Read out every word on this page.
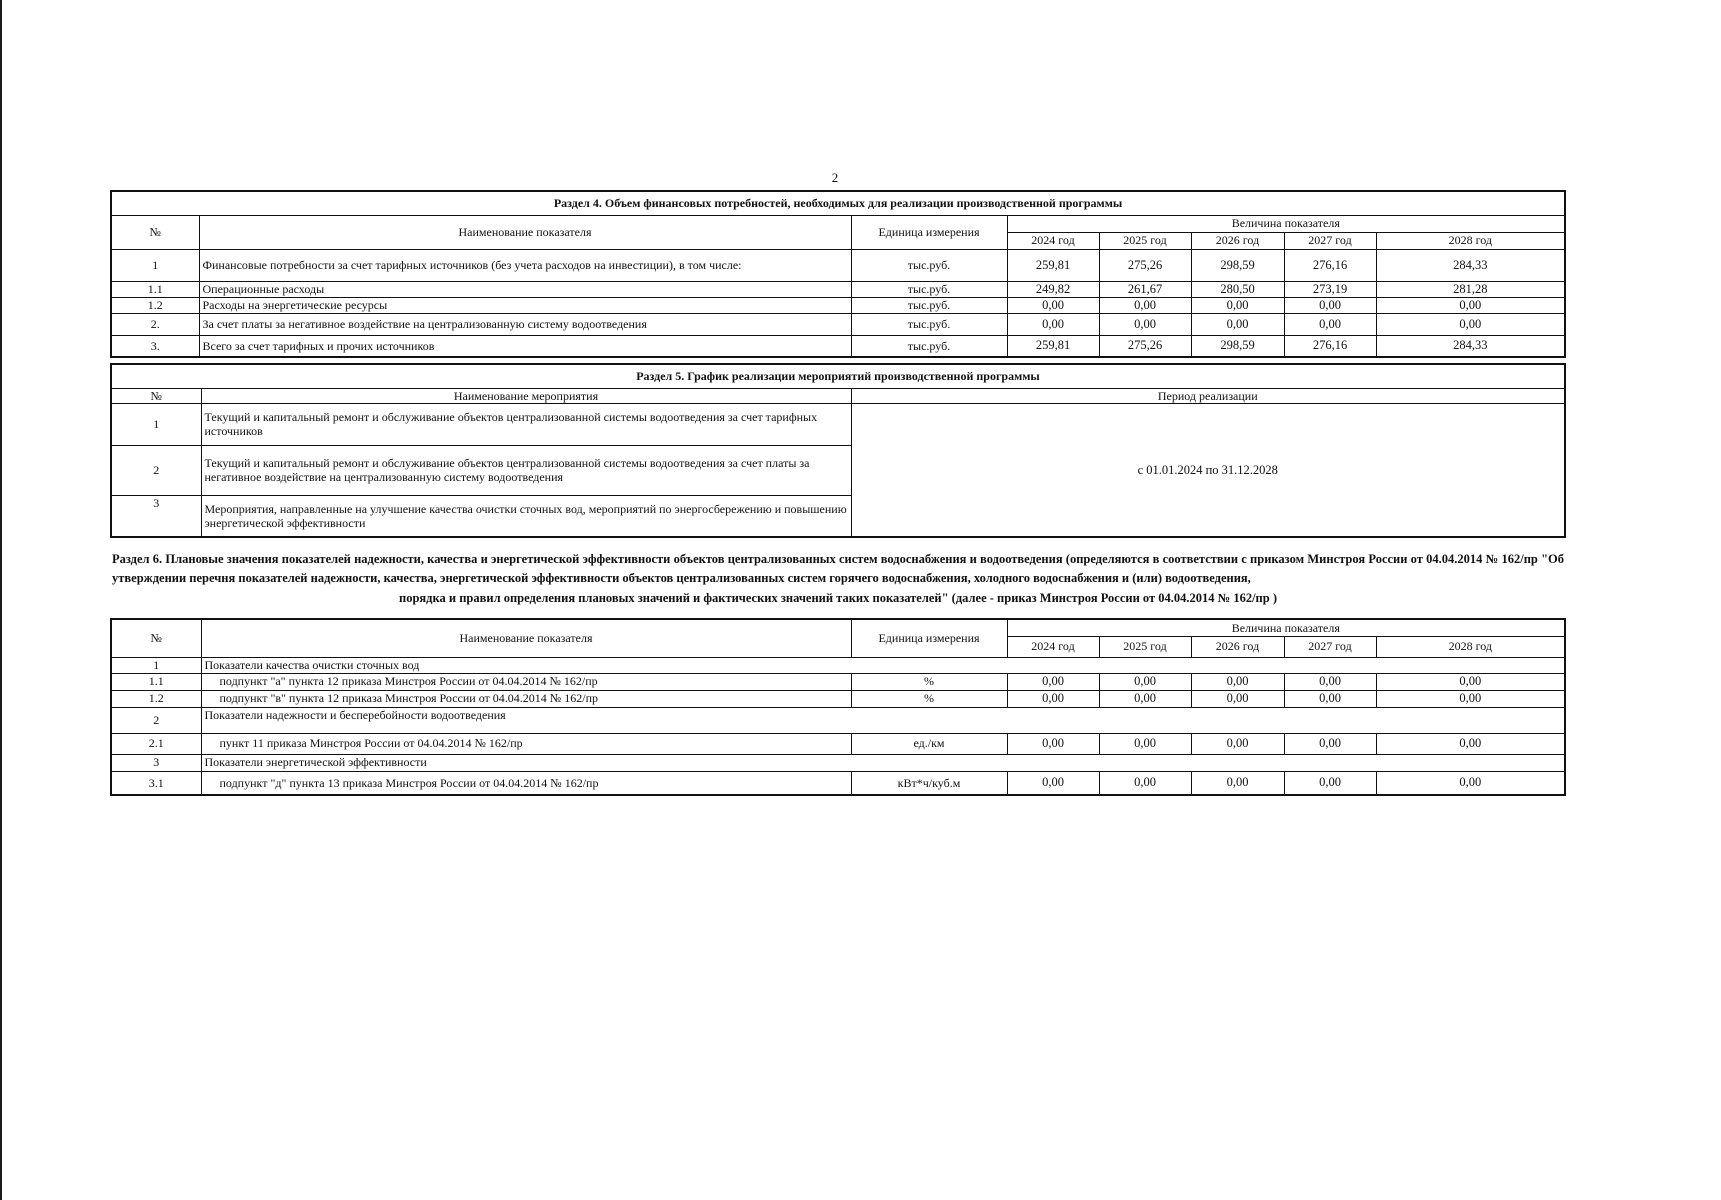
2
Раздел 4. Объем финансовых потребностей, необходимых для реализации производственной программы							
№	Наименование показателя	Единица измерения	Величина показателя				
			2024 год	2025 год	2026 год	2027 год	2028 год
1	Финансовые потребности за счет тарифных источников (без учета расходов на инвестиции), в том числе:	тыс.руб.	259,81	275,26	298,59	276,16	284,33
1.1	Операционные расходы	тыс.руб.	249,82	261,67	280,50	273,19	281,28
1.2	Расходы на энергетические ресурсы	тыс.руб.	0,00	0,00	0,00	0,00	0,00
2.	За счет платы за негативное воздействие на централизованную систему водоотведения	тыс.руб.	0,00	0,00	0,00	0,00	0,00
3.	Всего за счет тарифных и прочих источников	тыс.руб.	259,81	275,26	298,59	276,16	284,33
Раздел 5. График реализации мероприятий производственной программы		
№	Наименование мероприятия	Период реализации
1	Текущий и капитальный ремонт и обслуживание объектов централизованной системы водоотведения за счет тарифных источников	с 01.01.2024 по 31.12.2028
2	Текущий и капитальный ремонт и обслуживание объектов централизованной системы водоотведения за счет платы за негативное воздействие на централизованную систему водоотведения	
3	Мероприятия, направленные на улучшение качества очистки сточных вод, мероприятий по энергосбережению и повышению энергетической эффективности	
Раздел 6. Плановые значения показателей надежности, качества и энергетической эффективности объектов централизованных систем водоснабжения и водоотведения (определяются в соответствии с приказом Минстроя России от 04.04.2014 № 162/пр "Об утверждении перечня показателей надежности, качества, энергетической эффективности объектов централизованных систем горячего водоснабжения, холодного водоснабжения и (или) водоотведения,
порядка и правил определения плановых значений и фактических значений таких показателей" (далее - приказ Минстроя России от 04.04.2014 № 162/пр )
№	Наименование показателя	Единица измерения	Величина показателя				
			2024 год	2025 год	2026 год	2027 год	2028 год
1	Показатели качества очистки сточных вод						
1.1	подпункт "а" пункта 12 приказа Минстроя России от 04.04.2014 № 162/пр	%	0,00	0,00	0,00	0,00	0,00
1.2	подпункт "в" пункта 12 приказа Минстроя России от 04.04.2014 № 162/пр	%	0,00	0,00	0,00	0,00	0,00
2	Показатели надежности и бесперебойности водоотведения						
2.1	пункт 11 приказа Минстроя России от 04.04.2014 № 162/пр	ед./км	0,00	0,00	0,00	0,00	0,00
3	Показатели энергетической эффективности						
3.1	подпункт "д" пункта 13 приказа Минстроя России от 04.04.2014 № 162/пр	кВт*ч/куб.м	0,00	0,00	0,00	0,00	0,00
